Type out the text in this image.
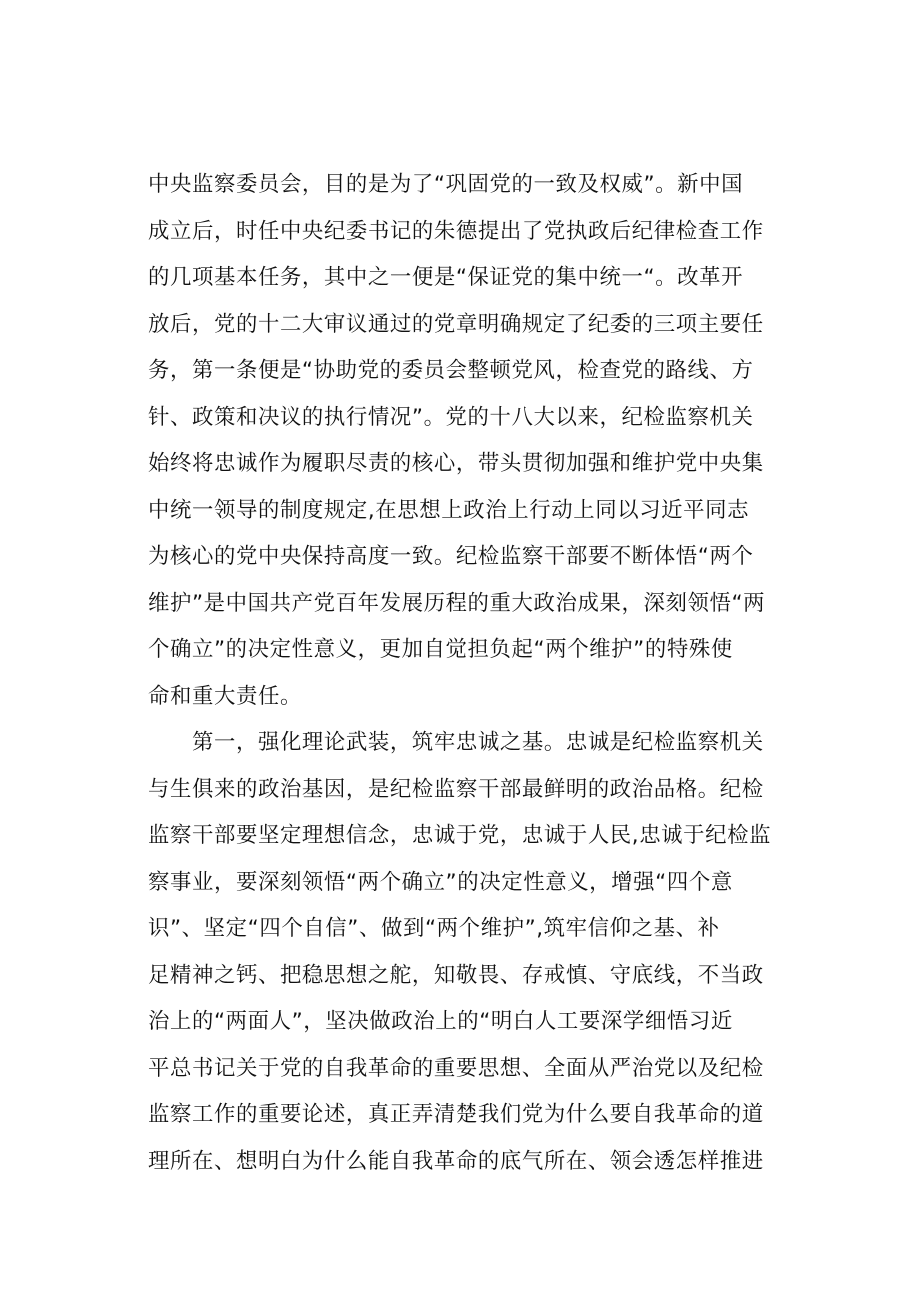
中央监察委员会，目的是为了“巩固党的一致及权威”。新中国
成立后，时任中央纪委书记的朱德提出了党执政后纪律检查工作
的几项基本任务，其中之一便是“保证党的集中统一“。改革开
放后，党的十二大审议通过的党章明确规定了纪委的三项主要任
务，第一条便是“协助党的委员会整顿党风，检查党的路线、方
针、政策和决议的执行情况”。党的十八大以来，纪检监察机关
始终将忠诚作为履职尽责的核心，带头贯彻加强和维护党中央集
中统一领导的制度规定,在思想上政治上行动上同以习近平同志
为核心的党中央保持高度一致。纪检监察干部要不断体悟“两个
维护”是中国共产党百年发展历程的重大政治成果，深刻领悟“两
个确立”的决定性意义，更加自觉担负起“两个维护”的特殊使
命和重大责任。
　　第一，强化理论武装，筑牢忠诚之基。忠诚是纪检监察机关
与生俱来的政治基因，是纪检监察干部最鲜明的政治品格。纪检
监察干部要坚定理想信念，忠诚于党，忠诚于人民,忠诚于纪检监
察事业，要深刻领悟“两个确立”的决定性意义，增强“四个意
识”、坚定“四个自信”、做到“两个维护”,筑牢信仰之基、补
足精神之钙、把稳思想之舵，知敬畏、存戒慎、守底线，不当政
治上的“两面人”，坚决做政治上的“明白人工要深学细悟习近
平总书记关于党的自我革命的重要思想、全面从严治党以及纪检
监察工作的重要论述，真正弄清楚我们党为什么要自我革命的道
理所在、想明白为什么能自我革命的底气所在、领会透怎样推进
